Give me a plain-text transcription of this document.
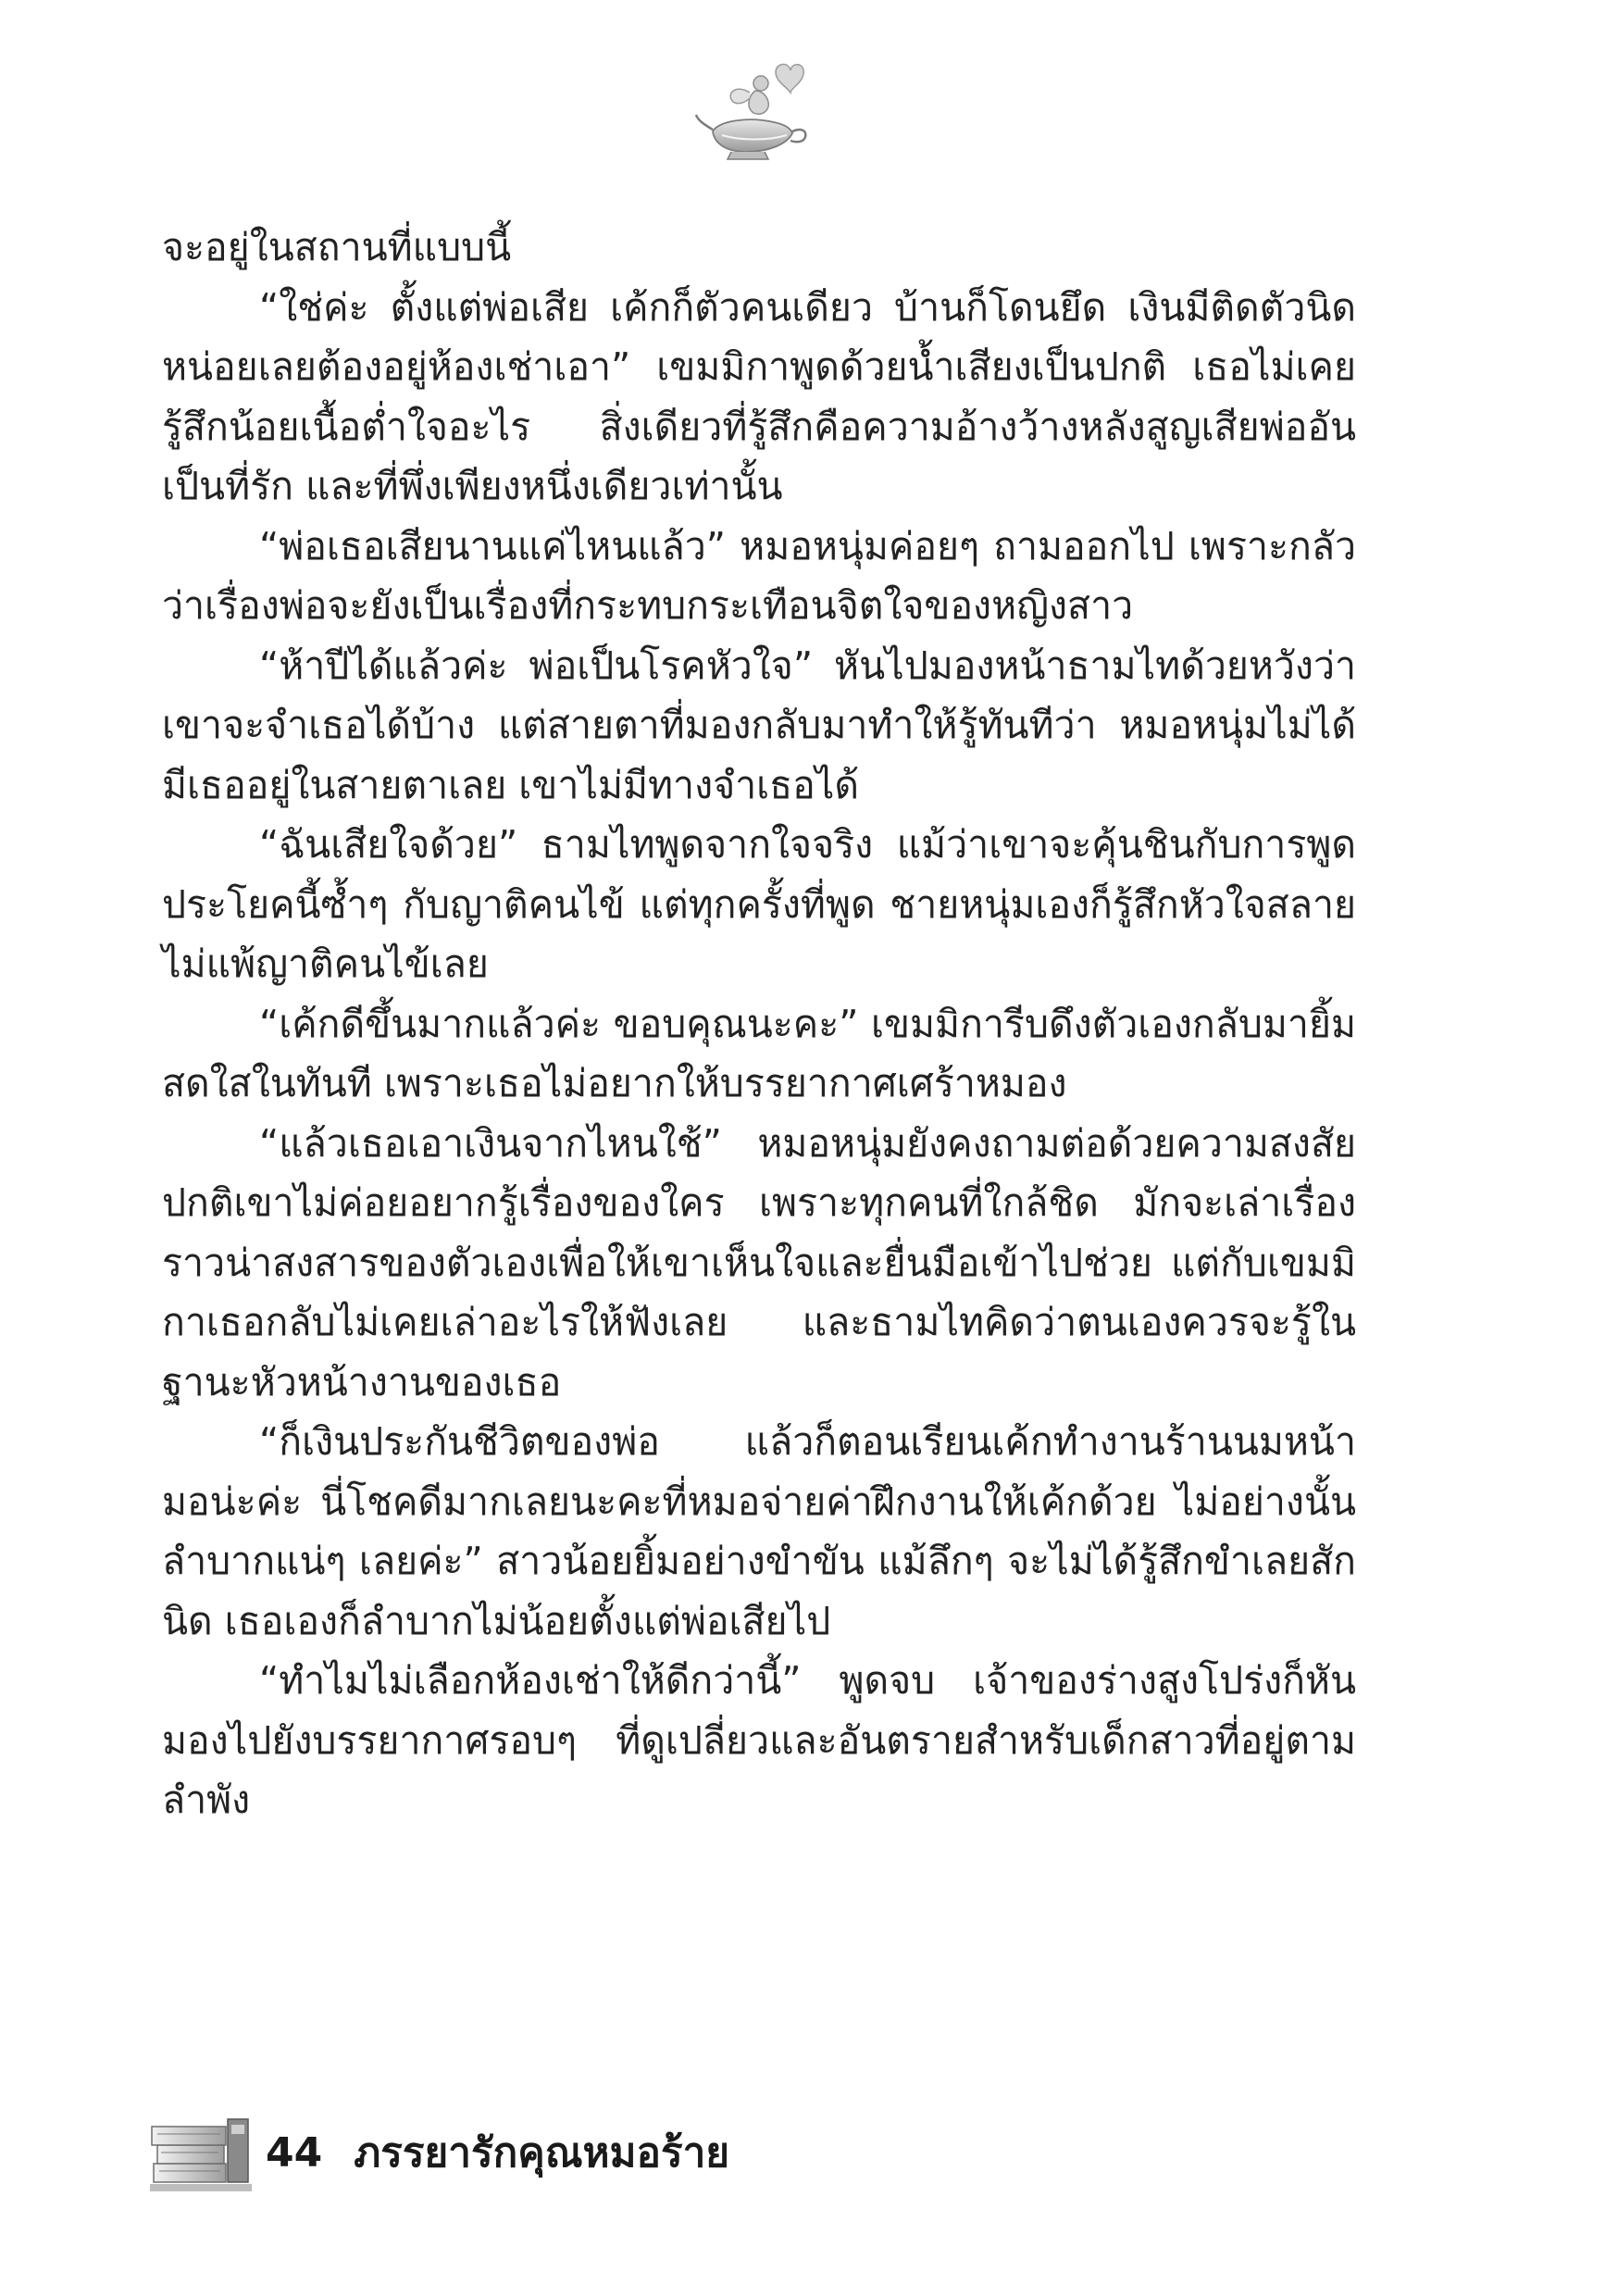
จะอยู่ในสถานที่แบบนี้

“ใช่ค่ะ ตั้งแต่พ่อเสีย เค้กก็ตัวคนเดียว บ้านก็โดนยึด เงินมีติดตัวนิดหน่อยเลยต้องอยู่ห้องเช่าเอา” เขมมิกาพูดด้วยน้ำเสียงเป็นปกติ เธอไม่เคยรู้สึกน้อยเนื้อต่ำใจอะไร สิ่งเดียวที่รู้สึกคือความอ้างว้างหลังสูญเสียพ่ออันเป็นที่รัก และที่พึ่งเพียงหนึ่งเดียวเท่านั้น

“พ่อเธอเสียนานแค่ไหนแล้ว” หมอหนุ่มค่อยๆ ถามออกไป เพราะกลัวว่าเรื่องพ่อจะยังเป็นเรื่องที่กระทบกระเทือนจิตใจของหญิงสาว

“ห้าปีได้แล้วค่ะ พ่อเป็นโรคหัวใจ” หันไปมองหน้าธามไทด้วยหวังว่าเขาจะจำเธอได้บ้าง แต่สายตาที่มองกลับมาทำให้รู้ทันทีว่า หมอหนุ่มไม่ได้มีเธออยู่ในสายตาเลย เขาไม่มีทางจำเธอได้

“ฉันเสียใจด้วย” ธามไทพูดจากใจจริง แม้ว่าเขาจะคุ้นชินกับการพูดประโยคนี้ซ้ำๆ กับญาติคนไข้ แต่ทุกครั้งที่พูด ชายหนุ่มเองก็รู้สึกหัวใจสลายไม่แพ้ญาติคนไข้เลย

“เค้กดีขึ้นมากแล้วค่ะ ขอบคุณนะคะ” เขมมิการีบดึงตัวเองกลับมายิ้มสดใสในทันที เพราะเธอไม่อยากให้บรรยากาศเศร้าหมอง

“แล้วเธอเอาเงินจากไหนใช้” หมอหนุ่มยังคงถามต่อด้วยความสงสัย ปกติเขาไม่ค่อยอยากรู้เรื่องของใคร เพราะทุกคนที่ใกล้ชิด มักจะเล่าเรื่องราวน่าสงสารของตัวเองเพื่อให้เขาเห็นใจและยื่นมือเข้าไปช่วย แต่กับเขมมิกาเธอกลับไม่เคยเล่าอะไรให้ฟังเลย และธามไทคิดว่าตนเองควรจะรู้ในฐานะหัวหน้างานของเธอ

“ก็เงินประกันชีวิตของพ่อ แล้วก็ตอนเรียนเค้กทำงานร้านนมหน้ามอน่ะค่ะ นี่โชคดีมากเลยนะคะที่หมอจ่ายค่าฝึกงานให้เค้กด้วย ไม่อย่างนั้นลำบากแน่ๆ เลยค่ะ” สาวน้อยยิ้มอย่างขำขัน แม้ลึกๆ จะไม่ได้รู้สึกขำเลยสักนิด เธอเองก็ลำบากไม่น้อยตั้งแต่พ่อเสียไป

“ทำไมไม่เลือกห้องเช่าให้ดีกว่านี้” พูดจบ เจ้าของร่างสูงโปร่งก็หันมองไปยังบรรยากาศรอบๆ ที่ดูเปลี่ยวและอันตรายสำหรับเด็กสาวที่อยู่ตามลำพัง

44 ภรรยารักคุณหมอร้าย
